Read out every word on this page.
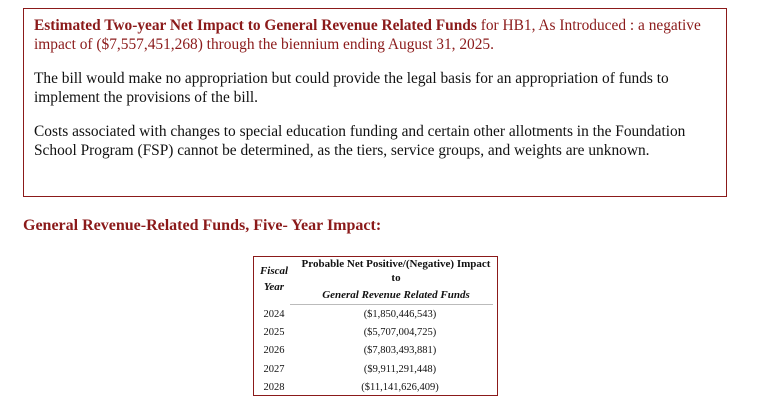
Estimated Two-year Net Impact to General Revenue Related Funds for HB1, As Introduced : a negative impact of ($7,557,451,268) through the biennium ending August 31, 2025.

The bill would make no appropriation but could provide the legal basis for an appropriation of funds to implement the provisions of the bill.

Costs associated with changes to special education funding and certain other allotments in the Foundation School Program (FSP) cannot be determined, as the tiers, service groups, and weights are unknown.

General Revenue-Related Funds, Five- Year Impact:
Fiscal
Year
Probable Net Positive/(Negative) Impact
to
General Revenue Related Funds
2024	($1,850,446,543)
2025	($5,707,004,725)
2026	($7,803,493,881)
2027	($9,911,291,448)
2028	($11,141,626,409)
